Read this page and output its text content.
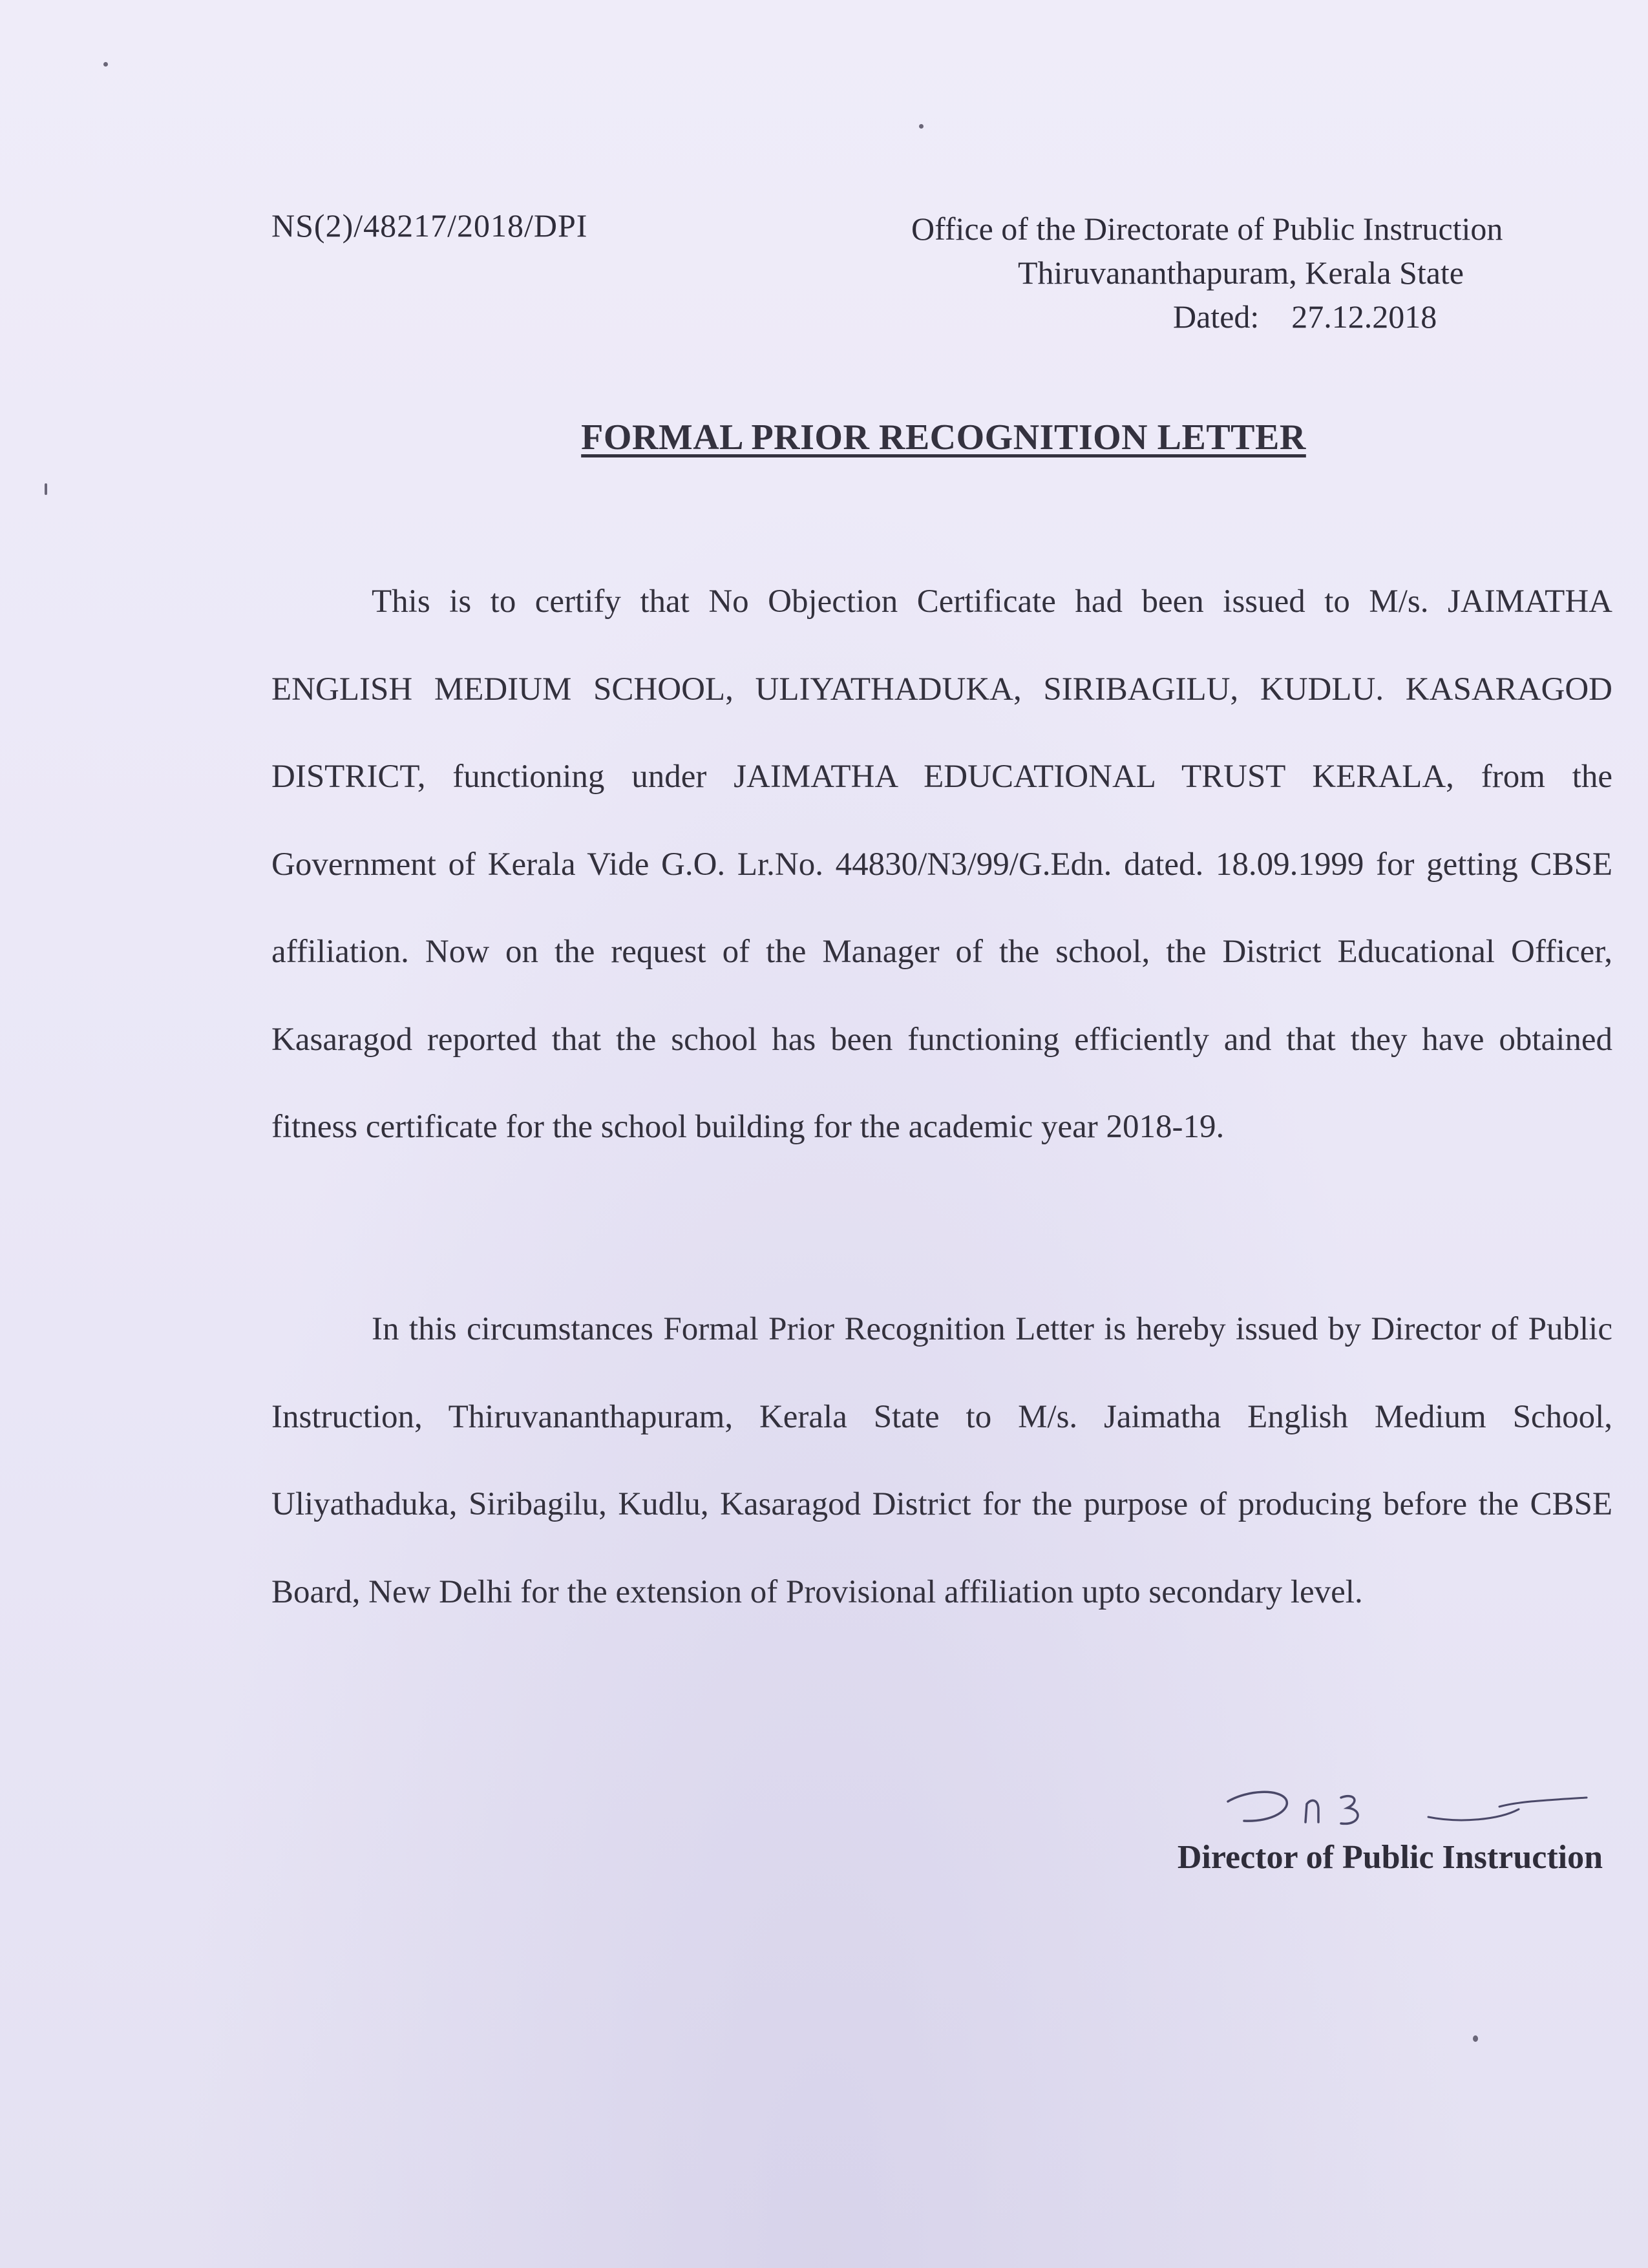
NS(2)/48217/2018/DPI	Office of the Directorate of Public Instruction
Thiruvananthapuram, Kerala State
Dated: 27.12.2018
FORMAL PRIOR RECOGNITION LETTER
This is to certify that No Objection Certificate had been issued to M/s. JAIMATHA ENGLISH MEDIUM SCHOOL, ULIYATHADUKA, SIRIBAGILU, KUDLU. KASARAGOD DISTRICT, functioning under JAIMATHA EDUCATIONAL TRUST KERALA, from the Government of Kerala Vide G.O. Lr.No. 44830/N3/99/G.Edn. dated. 18.09.1999 for getting CBSE affiliation. Now on the request of the Manager of the school, the District Educational Officer, Kasaragod reported that the school has been functioning efficiently and that they have obtained fitness certificate for the school building for the academic year 2018-19.
In this circumstances Formal Prior Recognition Letter is hereby issued by Director of Public Instruction, Thiruvananthapuram, Kerala State to M/s. Jaimatha English Medium School, Uliyathaduka, Siribagilu, Kudlu, Kasaragod District for the purpose of producing before the CBSE Board, New Delhi for the extension of Provisional affiliation upto secondary level.
Director of Public Instruction
